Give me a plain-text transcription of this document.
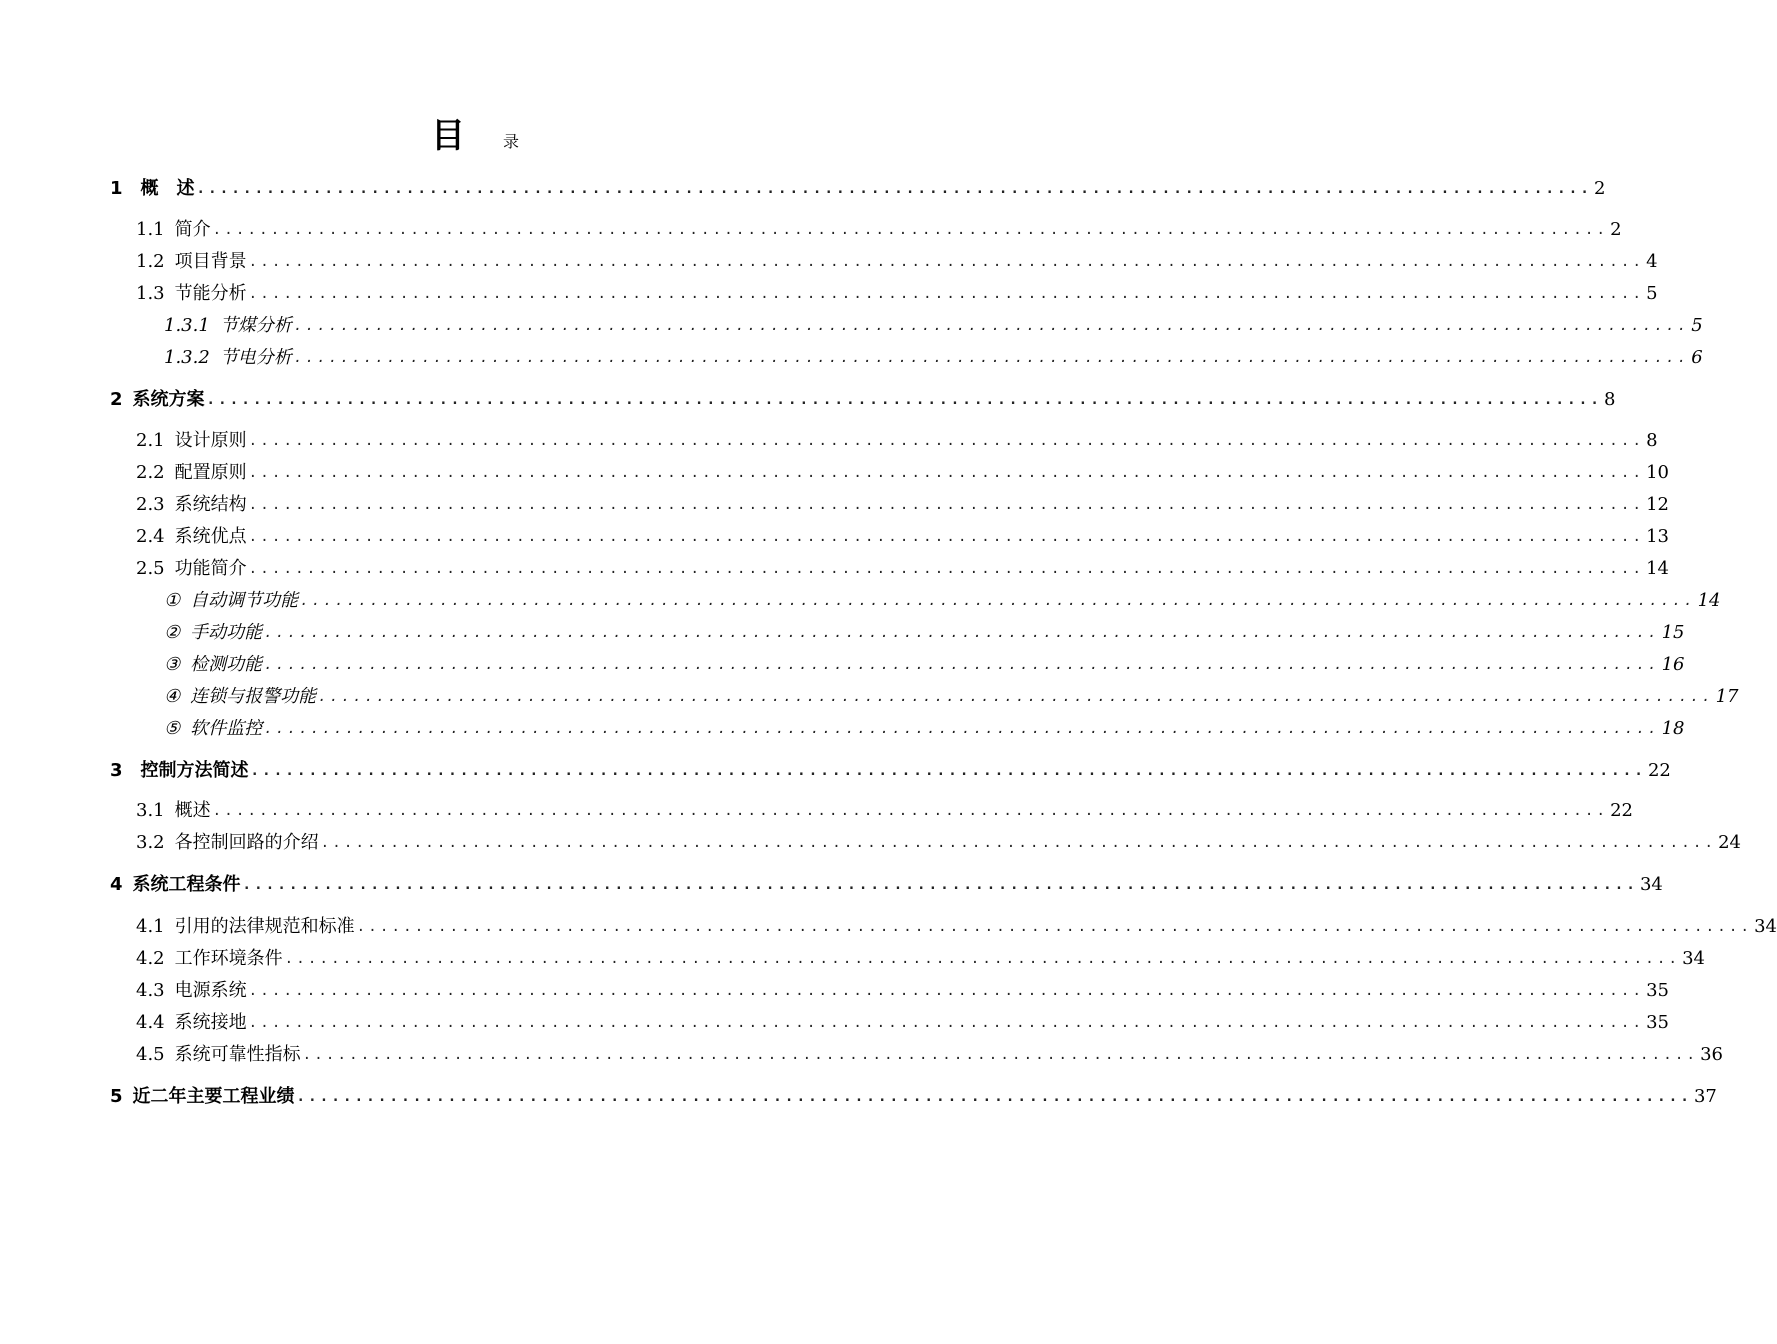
目 录
1 概　述 ........................................................................................................................ 2
1.1 简介 ........................................................................................................................ 2
1.2 项目背景 ........................................................................................................................ 4
1.3 节能分析 ........................................................................................................................ 5
1.3.1 节煤分析 ........................................................................................................................ 5
1.3.2 节电分析 ........................................................................................................................ 6
2 系统方案 ........................................................................................................................ 8
2.1 设计原则 ........................................................................................................................ 8
2.2 配置原则 ........................................................................................................................ 10
2.3 系统结构 ........................................................................................................................ 12
2.4 系统优点 ........................................................................................................................ 13
2.5 功能简介 ........................................................................................................................ 14
① 自动调节功能 ........................................................................................................................ 14
② 手动功能 ........................................................................................................................ 15
③ 检测功能 ........................................................................................................................ 16
④ 连锁与报警功能 ........................................................................................................................ 17
⑤ 软件监控 ........................................................................................................................ 18
3 控制方法简述 ........................................................................................................................ 22
3.1 概述 ........................................................................................................................ 22
3.2 各控制回路的介绍 ........................................................................................................................ 24
4 系统工程条件 ........................................................................................................................ 34
4.1 引用的法律规范和标准 ........................................................................................................................ 34
4.2 工作环境条件 ........................................................................................................................ 34
4.3 电源系统 ........................................................................................................................ 35
4.4 系统接地 ........................................................................................................................ 35
4.5 系统可靠性指标 ........................................................................................................................ 36
5 近二年主要工程业绩 ........................................................................................................................ 37
